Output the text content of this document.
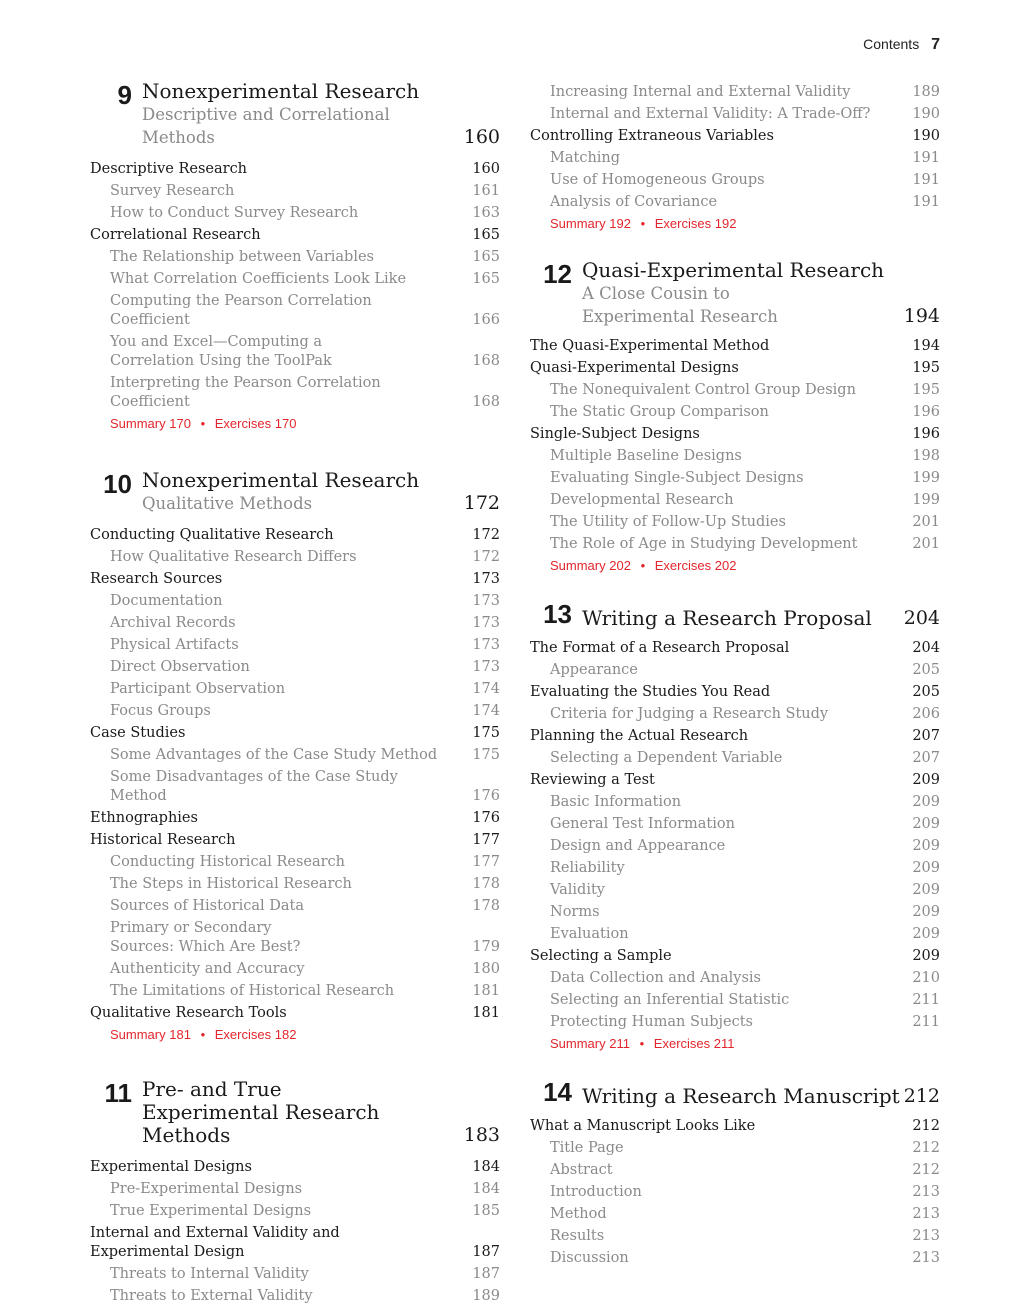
Contents 7
9 Nonexperimental Research
Descriptive and Correlational Methods	160
Descriptive Research	160
Survey Research	161
How to Conduct Survey Research	163
Correlational Research	165
The Relationship between Variables	165
What Correlation Coefficients Look Like	165
Computing the Pearson Correlation Coefficient	166
You and Excel—Computing a Correlation Using the ToolPak	168
Interpreting the Pearson Correlation Coefficient	168
Summary 170 • Exercises 170
10 Nonexperimental Research
Qualitative Methods	172
Conducting Qualitative Research	172
How Qualitative Research Differs	172
Research Sources	173
Documentation	173
Archival Records	173
Physical Artifacts	173
Direct Observation	173
Participant Observation	174
Focus Groups	174
Case Studies	175
Some Advantages of the Case Study Method 175
Some Disadvantages of the Case Study Method	176
Ethnographies	176
Historical Research	177
Conducting Historical Research	177
The Steps in Historical Research	178
Sources of Historical Data	178
Primary or Secondary Sources: Which Are Best?	179
Authenticity and Accuracy	180
The Limitations of Historical Research	181
Qualitative Research Tools	181
Summary 181 • Exercises 182
11 Pre- and True Experimental Research Methods	183
Experimental Designs	184
Pre-Experimental Designs	184
True Experimental Designs	185
Internal and External Validity and Experimental Design	187
Threats to Internal Validity	187
Threats to External Validity	189
Increasing Internal and External Validity	189
Internal and External Validity: A Trade-Off?	190
Controlling Extraneous Variables	190
Matching	191
Use of Homogeneous Groups	191
Analysis of Covariance	191
Summary 192 • Exercises 192
12 Quasi-Experimental Research
A Close Cousin to Experimental Research	194
The Quasi-Experimental Method	194
Quasi-Experimental Designs	195
The Nonequivalent Control Group Design	195
The Static Group Comparison	196
Single-Subject Designs	196
Multiple Baseline Designs	198
Evaluating Single-Subject Designs	199
Developmental Research	199
The Utility of Follow-Up Studies	201
The Role of Age in Studying Development	201
Summary 202 • Exercises 202
13 Writing a Research Proposal	204
The Format of a Research Proposal	204
Appearance	205
Evaluating the Studies You Read	205
Criteria for Judging a Research Study	206
Planning the Actual Research	207
Selecting a Dependent Variable	207
Reviewing a Test	209
Basic Information	209
General Test Information	209
Design and Appearance	209
Reliability	209
Validity	209
Norms	209
Evaluation	209
Selecting a Sample	209
Data Collection and Analysis	210
Selecting an Inferential Statistic	211
Protecting Human Subjects	211
Summary 211 • Exercises 211
14 Writing a Research Manuscript 212
What a Manuscript Looks Like	212
Title Page	212
Abstract	212
Introduction	213
Method	213
Results	213
Discussion	213
